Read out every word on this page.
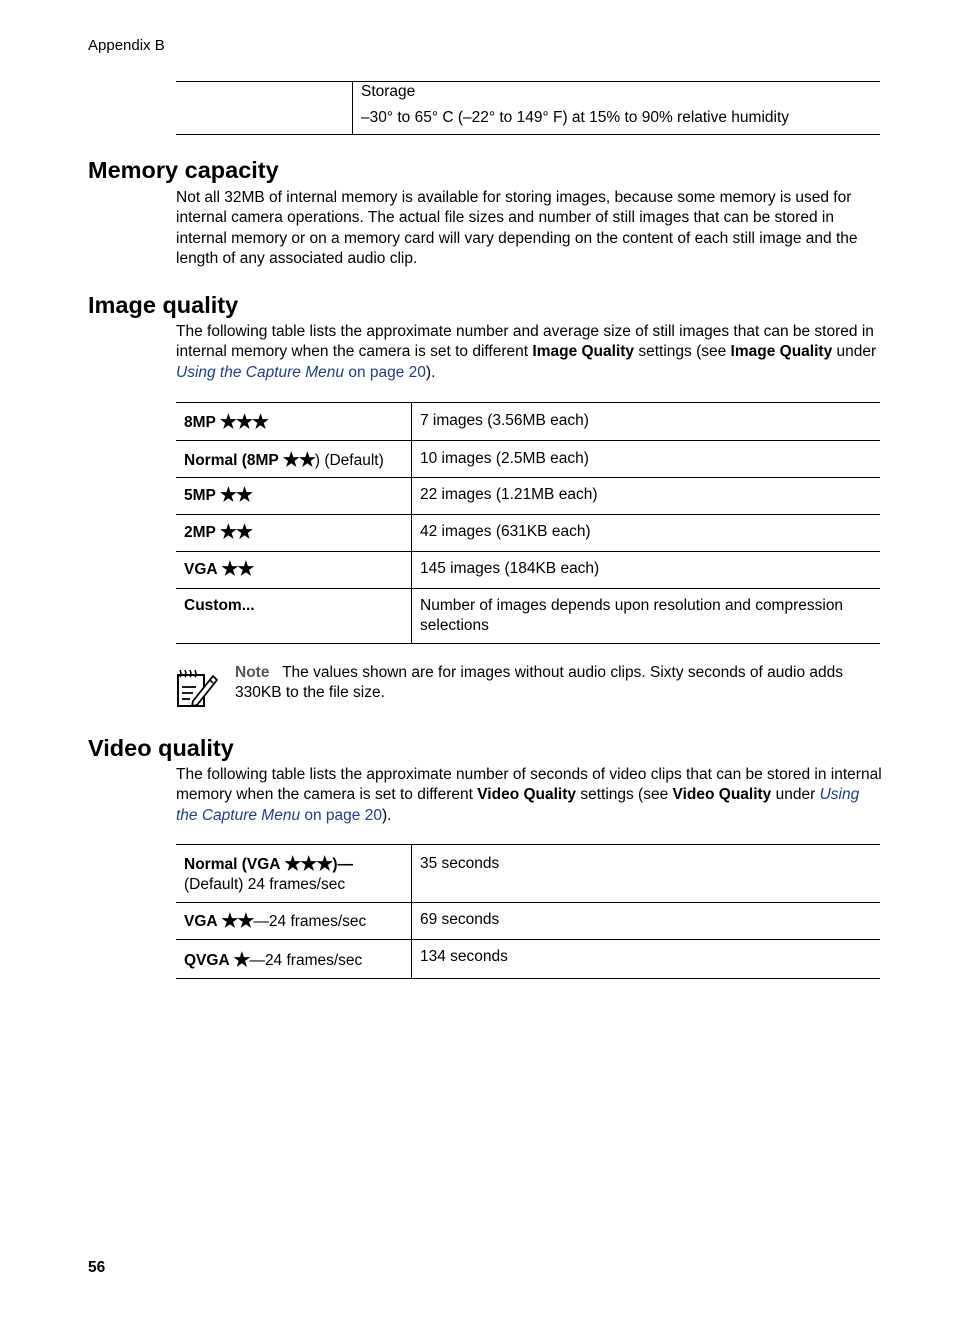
Appendix B

Storage
–30° to 65° C (–22° to 149° F) at 15% to 90% relative humidity
Memory capacity

Not all 32MB of internal memory is available for storing images, because some memory is used for internal camera operations. The actual file sizes and number of still images that can be stored in internal memory or on a memory card will vary depending on the content of each still image and the length of any associated audio clip.

Image quality

The following table lists the approximate number and average size of still images that can be stored in internal memory when the camera is set to different Image Quality settings (see Image Quality under Using the Capture Menu on page 20).

8MP ★★★	7 images (3.56MB each)
Normal (8MP ★★) (Default)	10 images (2.5MB each)
5MP ★★	22 images (1.21MB each)
2MP ★★	42 images (631KB each)
VGA ★★	145 images (184KB each)
Custom...	Number of images depends upon resolution and compression selections

Note The values shown are for images without audio clips. Sixty seconds of audio adds 330KB to the file size.

Video quality

The following table lists the approximate number of seconds of video clips that can be stored in internal memory when the camera is set to different Video Quality settings (see Video Quality under Using the Capture Menu on page 20).

Normal (VGA ★★★)—
(Default) 24 frames/sec	35 seconds
VGA ★★—24 frames/sec	69 seconds
QVGA ★—24 frames/sec	134 seconds
56
